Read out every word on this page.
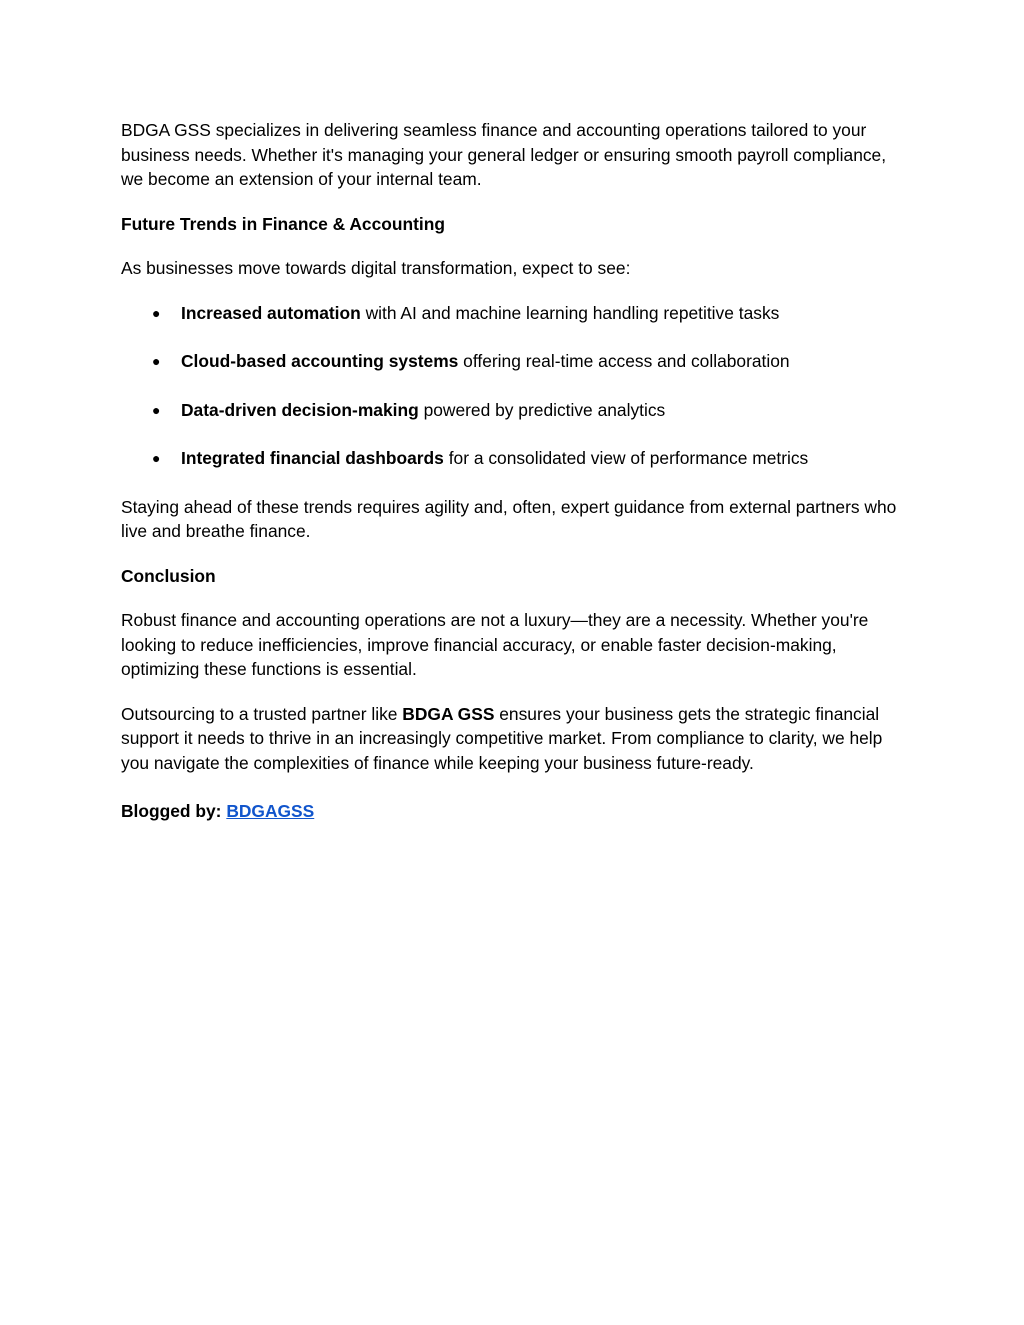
BDGA GSS specializes in delivering seamless finance and accounting operations tailored to your business needs. Whether it's managing your general ledger or ensuring smooth payroll compliance, we become an extension of your internal team.

Future Trends in Finance & Accounting

As businesses move towards digital transformation, expect to see:

● Increased automation with AI and machine learning handling repetitive tasks
● Cloud-based accounting systems offering real-time access and collaboration
● Data-driven decision-making powered by predictive analytics
● Integrated financial dashboards for a consolidated view of performance metrics

Staying ahead of these trends requires agility and, often, expert guidance from external partners who live and breathe finance.

Conclusion

Robust finance and accounting operations are not a luxury—they are a necessity. Whether you're looking to reduce inefficiencies, improve financial accuracy, or enable faster decision-making, optimizing these functions is essential.

Outsourcing to a trusted partner like BDGA GSS ensures your business gets the strategic financial support it needs to thrive in an increasingly competitive market. From compliance to clarity, we help you navigate the complexities of finance while keeping your business future-ready.

Blogged by: BDGAGSS
